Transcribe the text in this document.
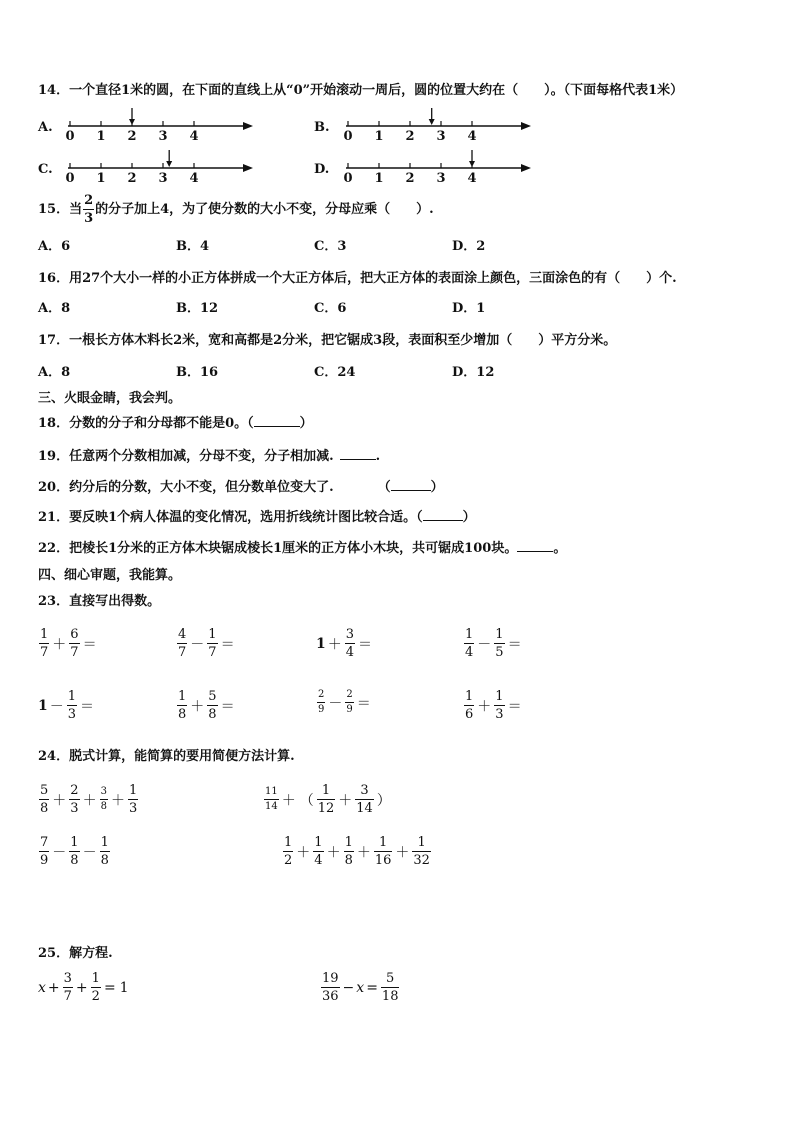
14．一个直径1米的圆，在下面的直线上从“0”开始滚动一周后，圆的位置大约在（　　）。（下面每格代表1米）
A.
0 1 2 3 4
B.
0 1 2 3 4
C.
0 1 2 3 4
D.
0 1 2 3 4
15．当 $\frac{2}{3}$ 的分子加上4，为了使分数的大小不变，分母应乘（　　）.
A．6	B．4	C．3	D．2
16．用27个大小一样的小正方体拼成一个大正方体后，把大正方体的表面涂上颜色，三面涂色的有（　　）个.
A．8	B．12	C．6	D．1
17．一根长方体木料长2米，宽和高都是2分米，把它锯成3段，表面积至少增加（　　）平方分米。
A．8	B．16	C．24	D．12
三、火眼金睛，我会判。
18．分数的分子和分母都不能是0。（	）
19．任意两个分数相加减，分母不变，分子相加减.	.
20．约分后的分数，大小不变，但分数单位变大了.	（	）
21．要反映1个病人体温的变化情况，选用折线统计图比较合适。（	）
22．把棱长1分米的正方体木块锯成棱长1厘米的正方体小木块，共可锯成100块。	。
四、细心审题，我能算。
23．直接写出得数。
24．脱式计算，能简算的要用简便方法计算.
25．解方程.
$\frac{1}{7} + \frac{6}{7}$ ＝	$\frac{4}{7} - \frac{1}{7}$ ＝	$1 + \frac{3}{4}$ ＝	$\frac{1}{4} - \frac{1}{5}$ ＝
$1 - \frac{1}{3}$ ＝	$\frac{1}{8} + \frac{5}{8}$ ＝	$\frac{2}{9} - \frac{2}{9}$ ＝	$\frac{1}{6} + \frac{1}{3}$ ＝
$\frac{5}{8} + \frac{2}{3} + \frac{3}{8} + \frac{1}{3}$	$\frac{11}{14}$ ＋ （ $\frac{1}{12} + \frac{3}{14}$ ）
$\frac{7}{9} - \frac{1}{8} - \frac{1}{8}$	$\frac{1}{2} + \frac{1}{4} + \frac{1}{8} + \frac{1}{16} + \frac{1}{32}$
$x + \frac{3}{7} + \frac{1}{2} = 1$	$\frac{19}{36} - x = \frac{5}{18}$
